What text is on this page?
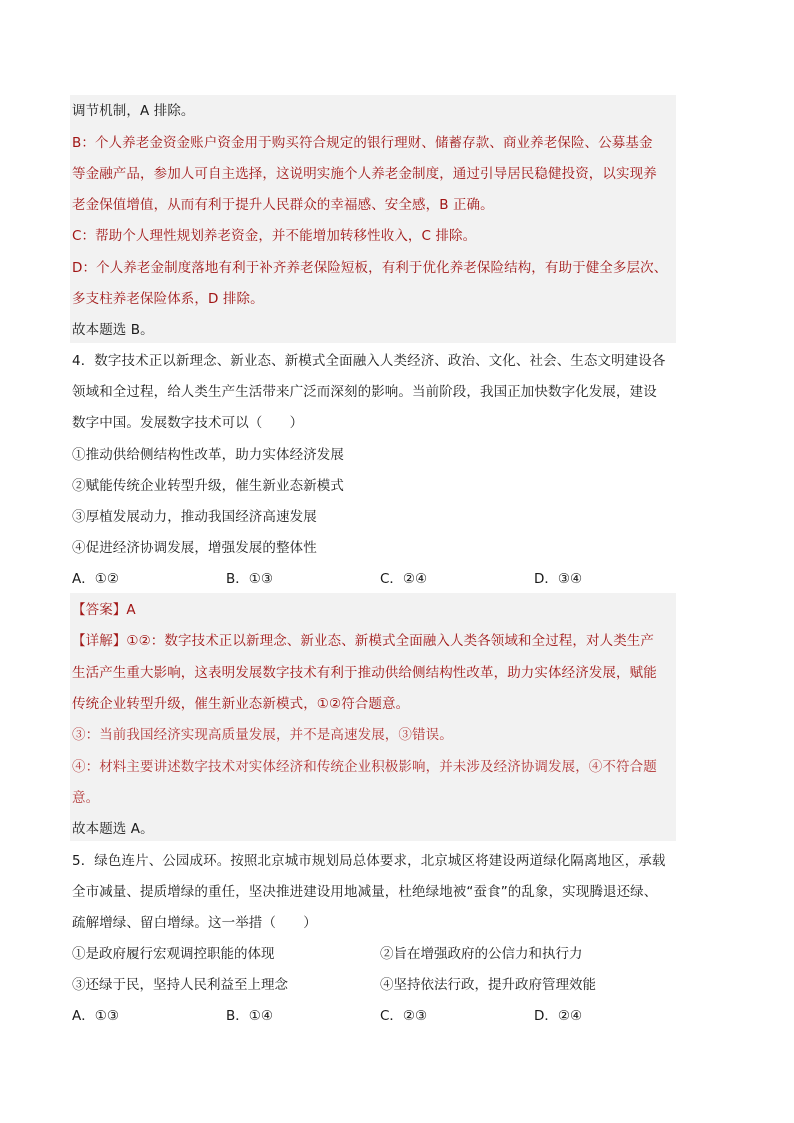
调节机制，A 排除。
B：个人养老金资金账户资金用于购买符合规定的银行理财、储蓄存款、商业养老保险、公募基金
等金融产品，参加人可自主选择，这说明实施个人养老金制度，通过引导居民稳健投资，以实现养
老金保值增值，从而有利于提升人民群众的幸福感、安全感，B 正确。
C：帮助个人理性规划养老资金，并不能增加转移性收入，C 排除。
D：个人养老金制度落地有利于补齐养老保险短板，有利于优化养老保险结构，有助于健全多层次、
多支柱养老保险体系，D 排除。
故本题选 B。
4．数字技术正以新理念、新业态、新模式全面融入人类经济、政治、文化、社会、生态文明建设各
领域和全过程，给人类生产生活带来广泛而深刻的影响。当前阶段，我国正加快数字化发展，建设
数字中国。发展数字技术可以（　　）
①推动供给侧结构性改革，助力实体经济发展
②赋能传统企业转型升级，催生新业态新模式
③厚植发展动力，推动我国经济高速发展
④促进经济协调发展，增强发展的整体性
A．①②	B．①③	C．②④	D．③④
【答案】A
【详解】①②：数字技术正以新理念、新业态、新模式全面融入人类各领域和全过程，对人类生产
生活产生重大影响，这表明发展数字技术有利于推动供给侧结构性改革，助力实体经济发展，赋能
传统企业转型升级，催生新业态新模式，①②符合题意。
③：当前我国经济实现高质量发展，并不是高速发展，③错误。
④：材料主要讲述数字技术对实体经济和传统企业积极影响，并未涉及经济协调发展，④不符合题
意。
故本题选 A。
5．绿色连片、公园成环。按照北京城市规划局总体要求，北京城区将建设两道绿化隔离地区，承载
全市减量、提质增绿的重任，坚决推进建设用地减量，杜绝绿地被“蚕食”的乱象，实现腾退还绿、
疏解增绿、留白增绿。这一举措（　　）
①是政府履行宏观调控职能的体现	②旨在增强政府的公信力和执行力
③还绿于民，坚持人民利益至上理念	④坚持依法行政，提升政府管理效能
A．①③	B．①④	C．②③	D．②④
